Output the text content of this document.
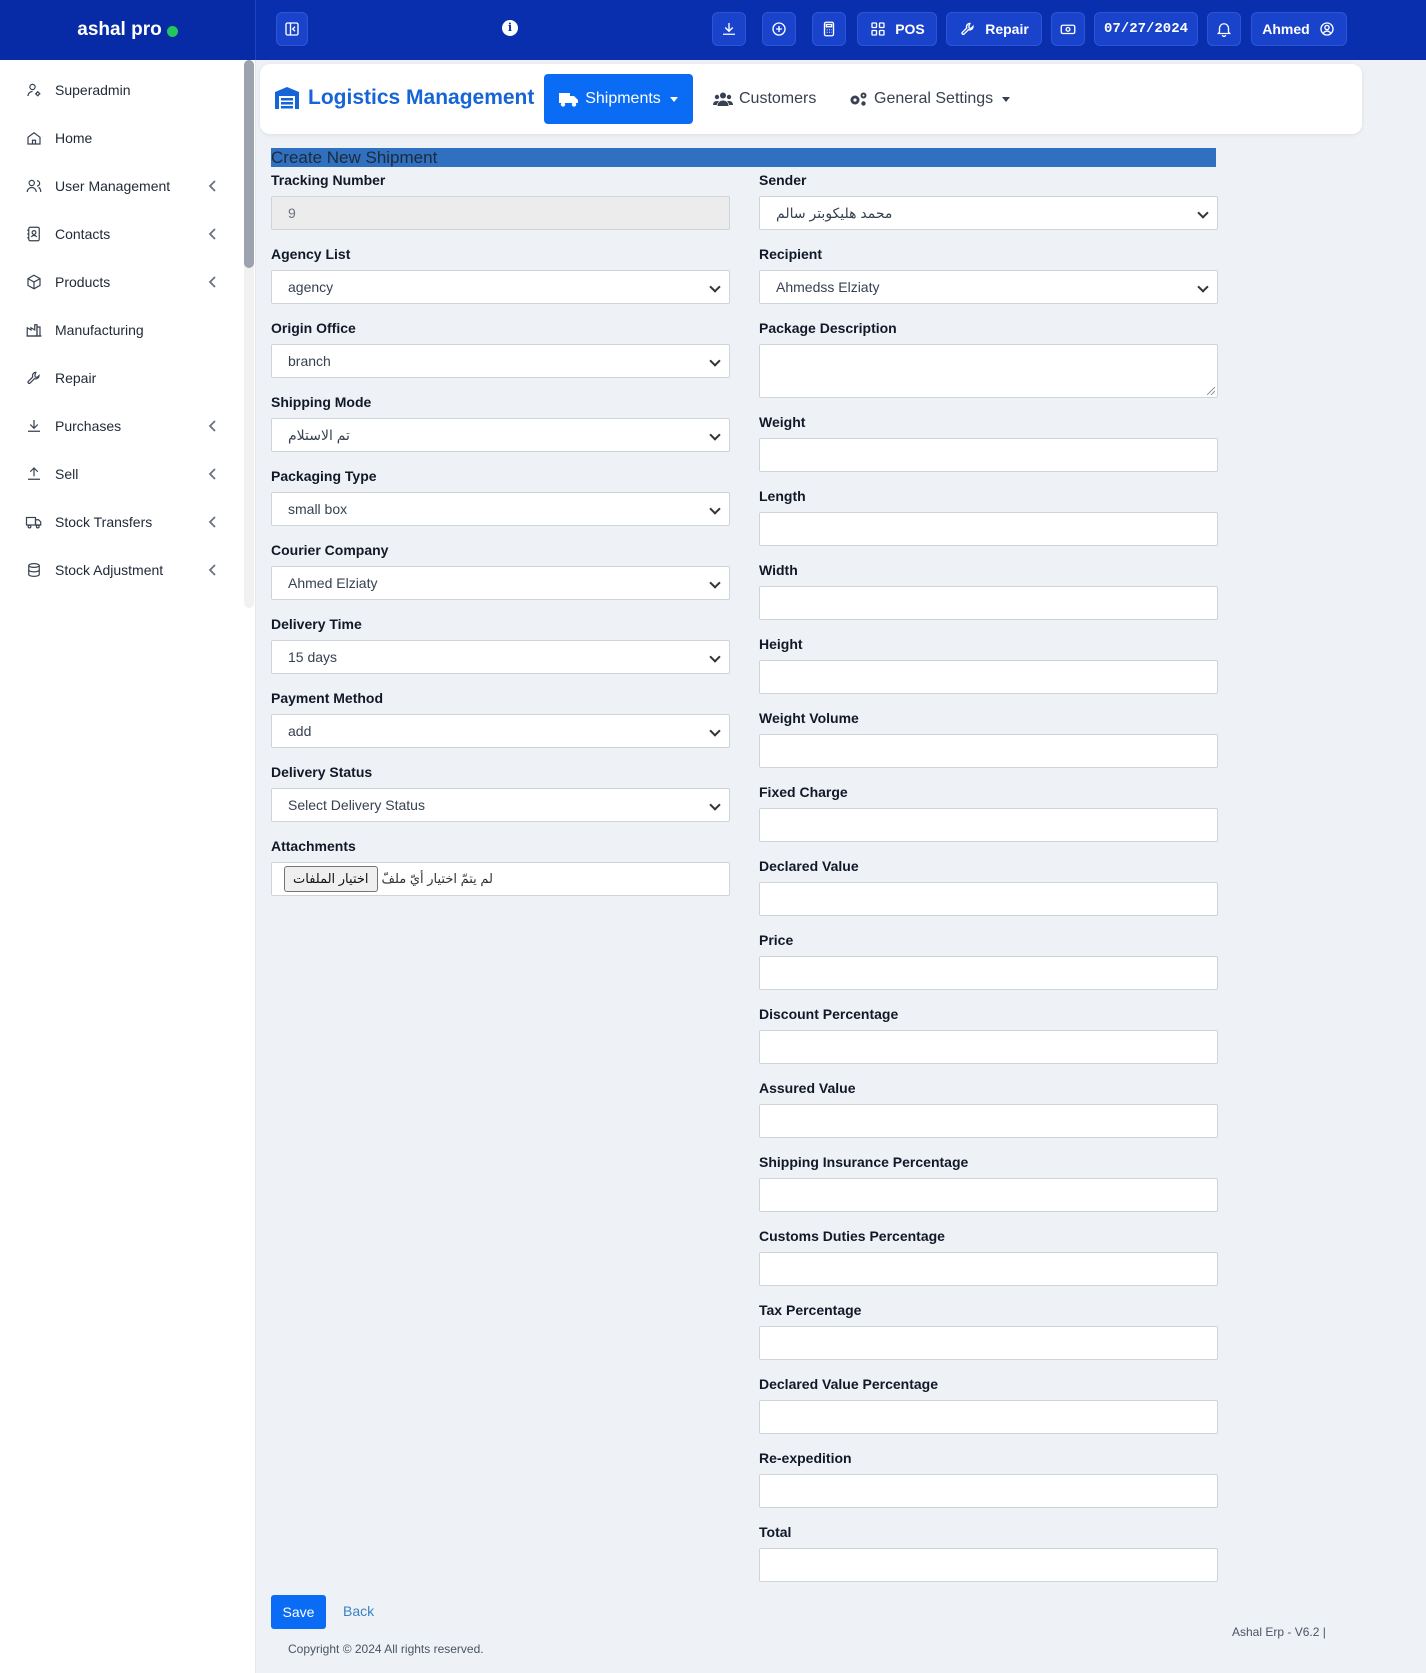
ashal pro	i	POS	Repair	07/27/2024	Ahmed
Superadmin
Home
User Management
Contacts
Products
Manufacturing
Repair
Purchases
Sell
Stock Transfers
Stock Adjustment
Logistics Management	Shipments	Customers	General Settings
Create New Shipment
Tracking Number
9
Agency List
agency
Origin Office
branch
Shipping Mode
تم الاستلام
Packaging Type
small box
Courier Company
Ahmed Elziaty
Delivery Time
15 days
Payment Method
add
Delivery Status
Select Delivery Status
Attachments
اختيار الملفات	لم يتمّ اختيار أيّ ملفّ
Sender
محمد هليكوبتر سالم
Recipient
Ahmedss Elziaty
Package Description
Weight
Length
Width
Height
Weight Volume
Fixed Charge
Declared Value
Price
Discount Percentage
Assured Value
Shipping Insurance Percentage
Customs Duties Percentage
Tax Percentage
Declared Value Percentage
Re-expedition
Total
Save	Back
Ashal Erp - V6.2 |
Copyright © 2024 All rights reserved.
